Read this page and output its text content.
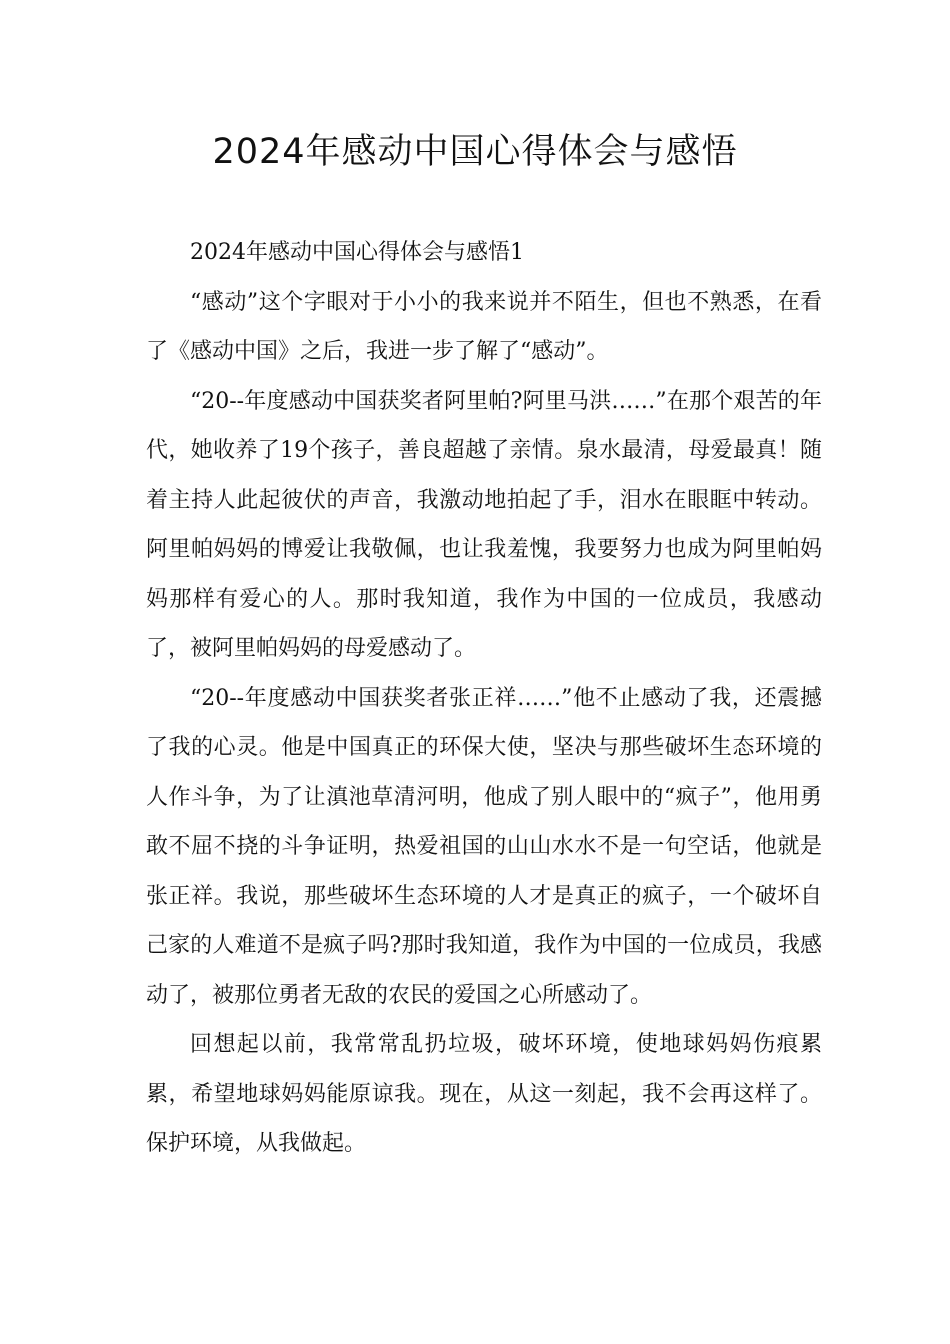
2024年感动中国心得体会与感悟

2024年感动中国心得体会与感悟1

“感动”这个字眼对于小小的我来说并不陌生，但也不熟悉，在看了《感动中国》之后，我进一步了解了“感动”。

“20--年度感动中国获奖者阿里帕?阿里马洪……”在那个艰苦的年代，她收养了19个孩子，善良超越了亲情。泉水最清，母爱最真！随着主持人此起彼伏的声音，我激动地拍起了手，泪水在眼眶中转动。阿里帕妈妈的博爱让我敬佩，也让我羞愧，我要努力也成为阿里帕妈妈那样有爱心的人。那时我知道，我作为中国的一位成员，我感动了，被阿里帕妈妈的母爱感动了。

“20--年度感动中国获奖者张正祥……”他不止感动了我，还震撼了我的心灵。他是中国真正的环保大使，坚决与那些破坏生态环境的人作斗争，为了让滇池草清河明，他成了别人眼中的“疯子”，他用勇敢不屈不挠的斗争证明，热爱祖国的山山水水不是一句空话，他就是张正祥。我说，那些破坏生态环境的人才是真正的疯子，一个破坏自己家的人难道不是疯子吗?那时我知道，我作为中国的一位成员，我感动了，被那位勇者无敌的农民的爱国之心所感动了。

回想起以前，我常常乱扔垃圾，破坏环境，使地球妈妈伤痕累累，希望地球妈妈能原谅我。现在，从这一刻起，我不会再这样了。保护环境，从我做起。
